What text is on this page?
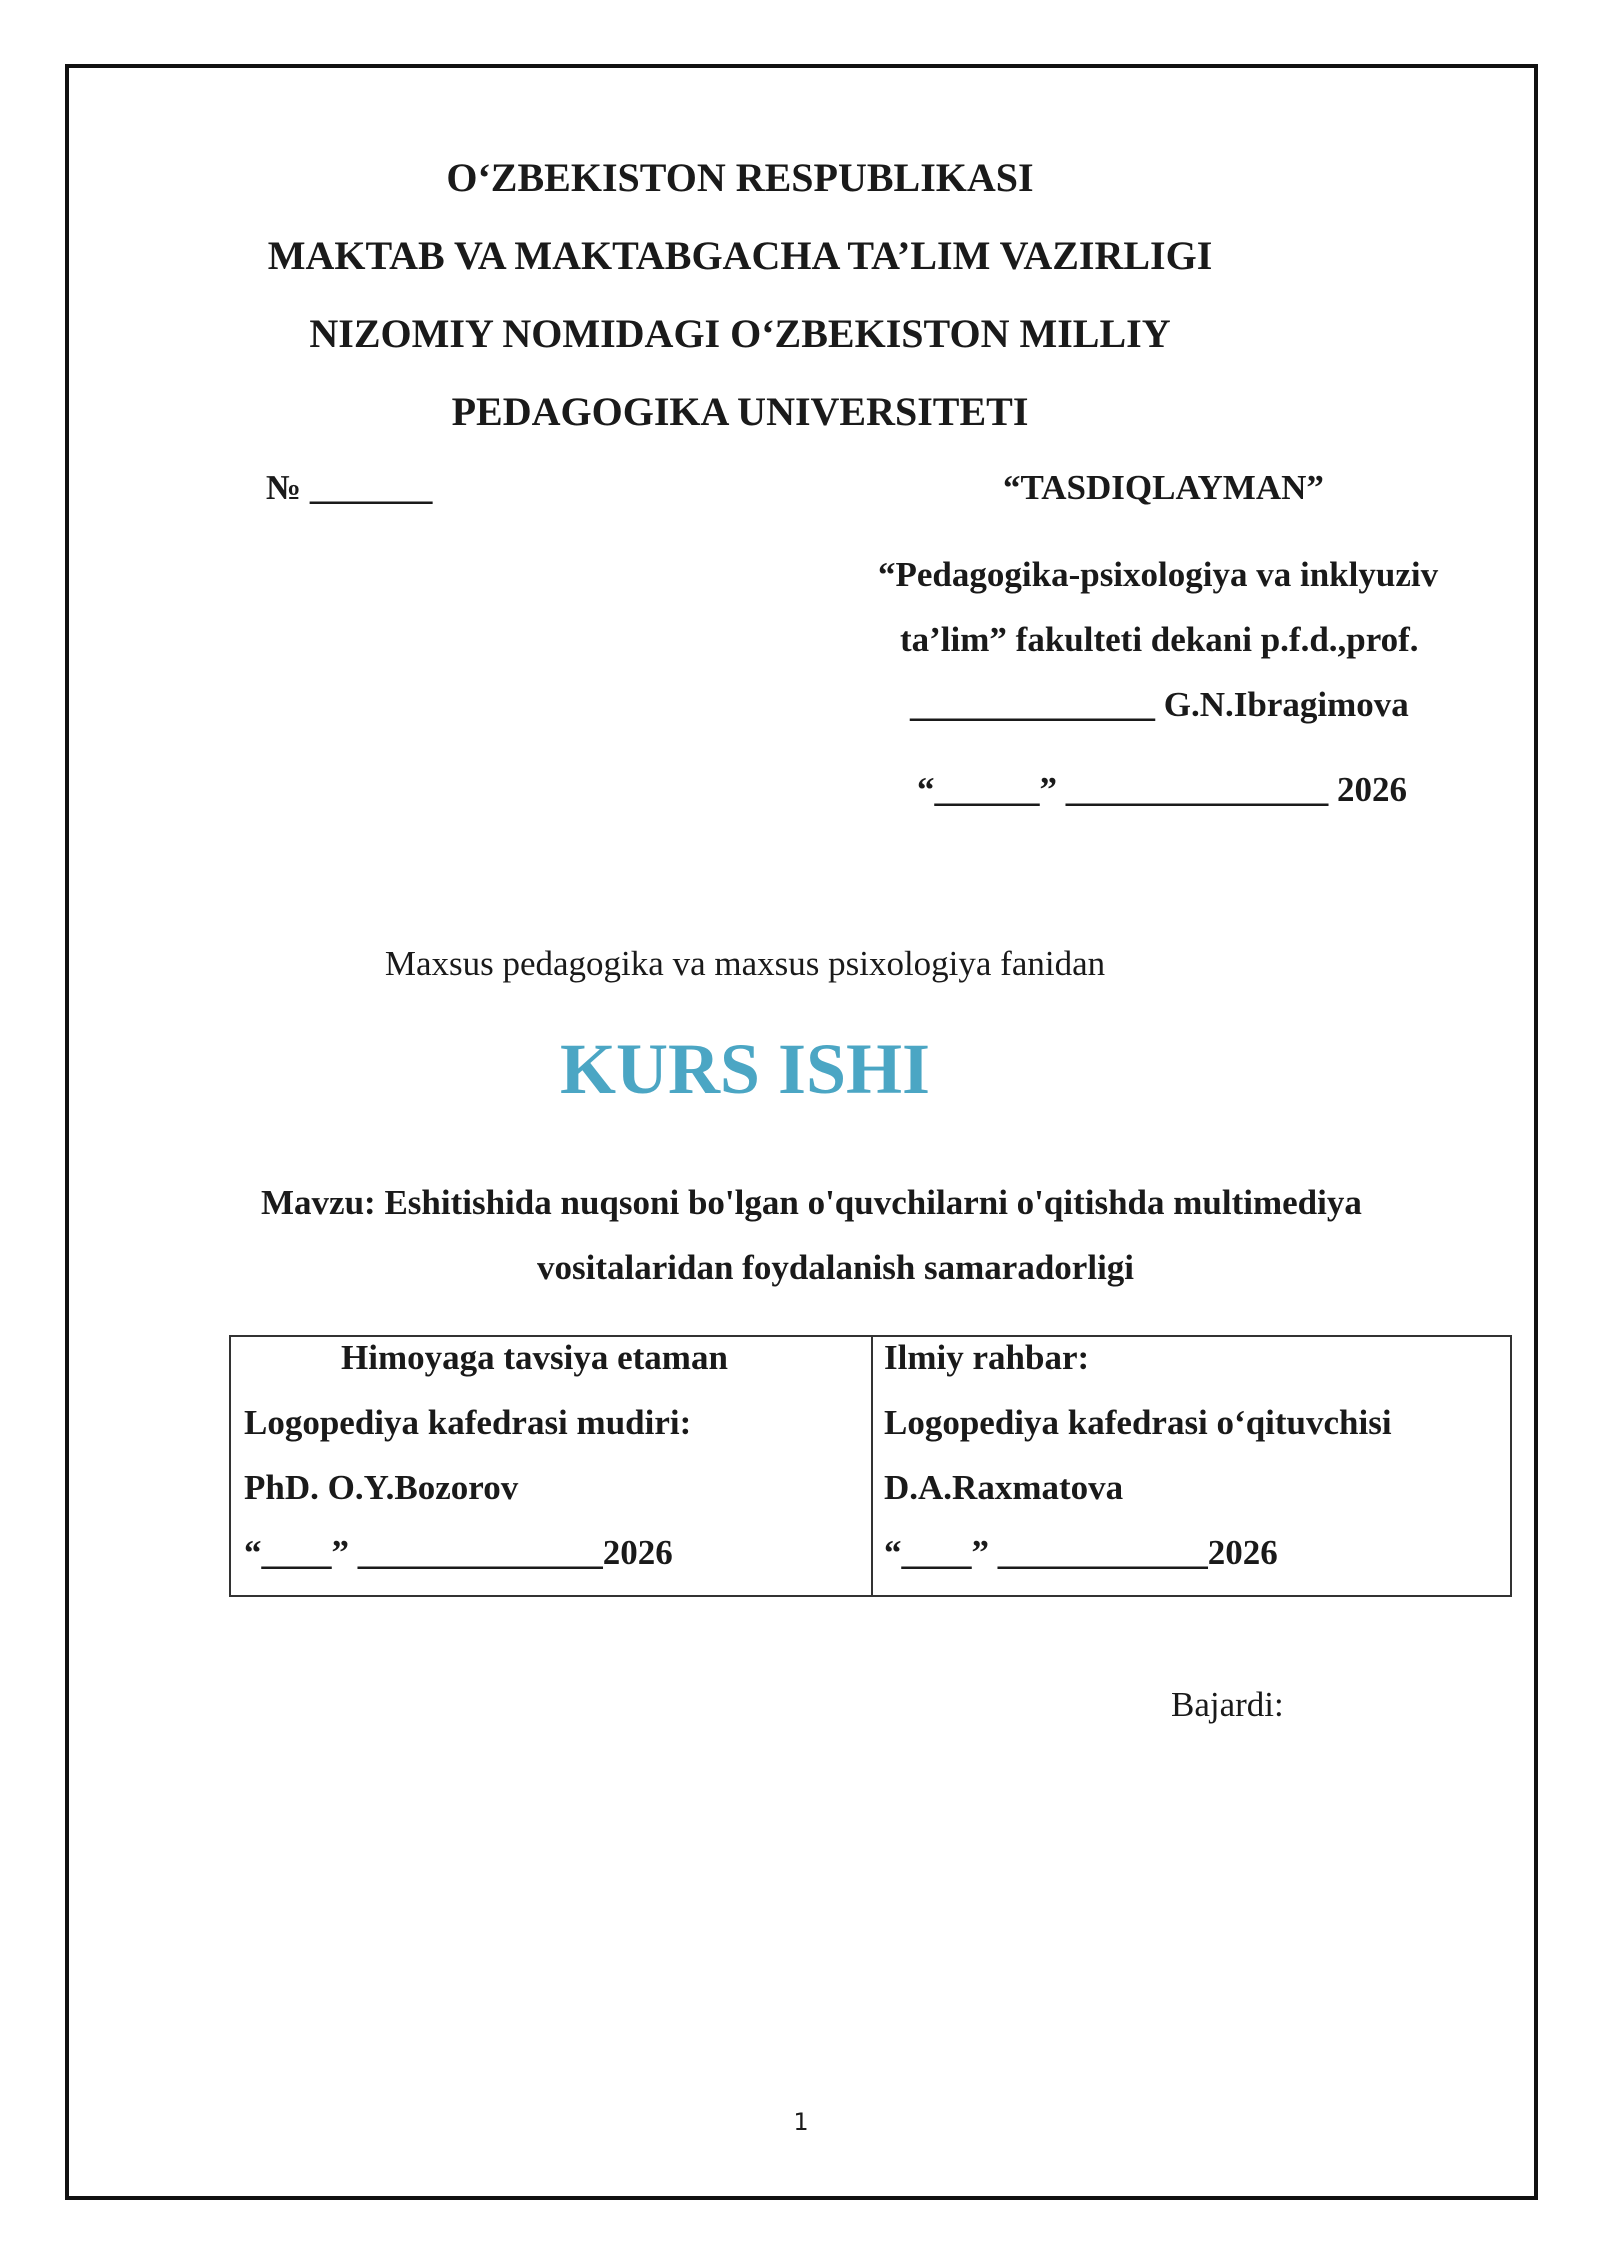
O‘ZBEKISTON RESPUBLIKASI
MAKTAB VA MAKTABGACHA TA’LIM VAZIRLIGI
NIZOMIY NOMIDAGI O‘ZBEKISTON MILLIY
PEDAGOGIKA UNIVERSITETI
№ _______	“TASDIQLAYMAN”
“Pedagogika-psixologiya va inklyuziv
ta’lim” fakulteti dekani p.f.d.,prof.
______________ G.N.Ibragimova
“______” _______________ 2026
Maxsus pedagogika va maxsus psixologiya fanidan
KURS ISHI
Mavzu: Eshitishida nuqsoni bo'lgan o'quvchilarni o'qitishda multimediya
vositalaridan foydalanish samaradorligi
Himoyaga tavsiya etaman
Logopediya kafedrasi mudiri:
PhD. O.Y.Bozorov
“____” ______________2026
Ilmiy rahbar:
Logopediya kafedrasi o‘qituvchisi
D.A.Raxmatova
“____” ____________2026
Bajardi:
1
